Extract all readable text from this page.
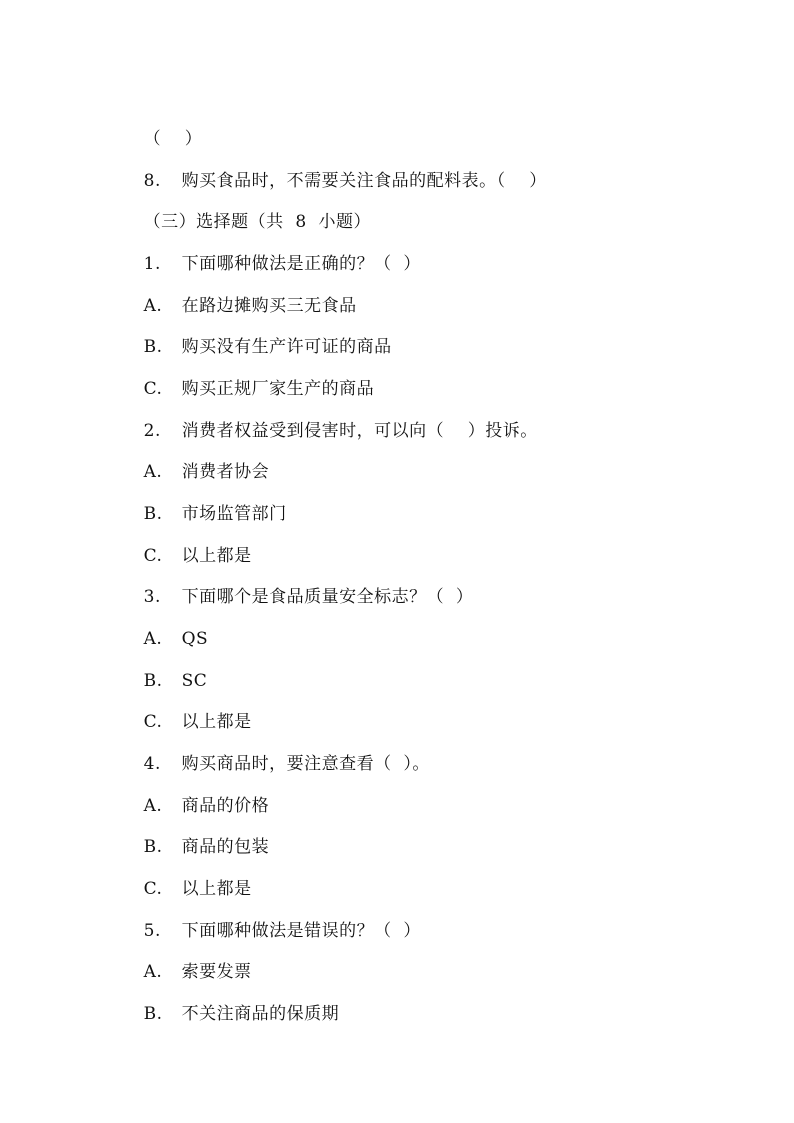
（    ）

8. 购买食品时，不需要关注食品的配料表。（    ）

（三）选择题（共  8  小题）

1. 下面哪种做法是正确的？（  ）

A. 在路边摊购买三无食品

B. 购买没有生产许可证的商品

C. 购买正规厂家生产的商品

2. 消费者权益受到侵害时，可以向（    ）投诉。

A. 消费者协会

B. 市场监管部门

C. 以上都是

3. 下面哪个是食品质量安全标志？（  ）

A. QS

B. SC

C. 以上都是

4. 购买商品时，要注意查看（  ）。

A. 商品的价格

B. 商品的包装

C. 以上都是

5. 下面哪种做法是错误的？（  ）

A. 索要发票

B. 不关注商品的保质期
